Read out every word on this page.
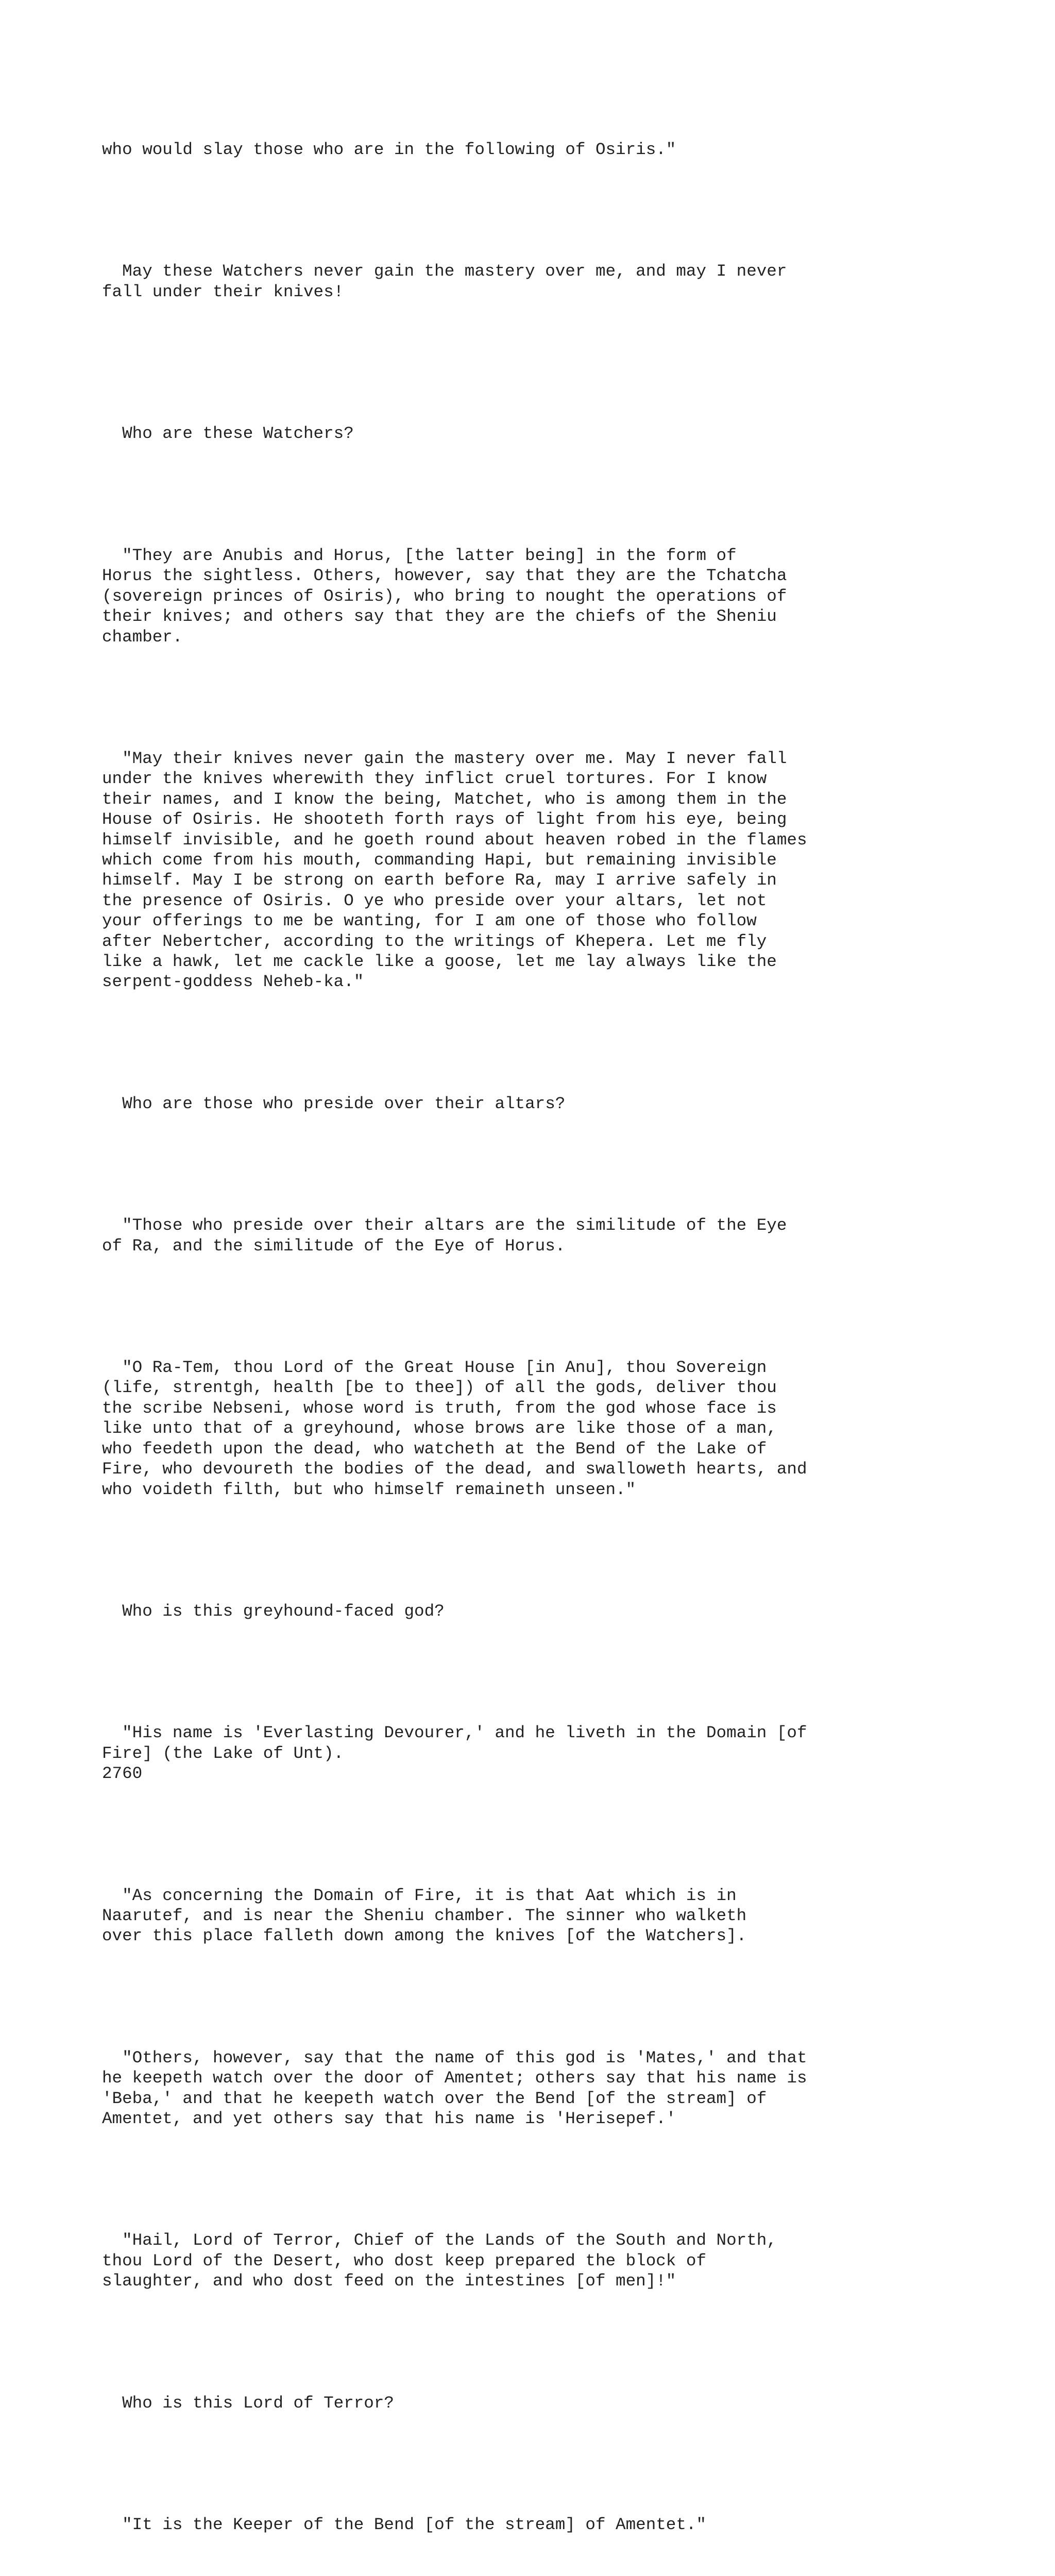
who would slay those who are in the following of Osiris."

May these Watchers never gain the mastery over me, and may I never
fall under their knives!

Who are these Watchers?

"They are Anubis and Horus, [the latter being] in the form of
Horus the sightless. Others, however, say that they are the Tchatcha
(sovereign princes of Osiris), who bring to nought the operations of
their knives; and others say that they are the chiefs of the Sheniu
chamber.

"May their knives never gain the mastery over me. May I never fall
under the knives wherewith they inflict cruel tortures. For I know
their names, and I know the being, Matchet, who is among them in the
House of Osiris. He shooteth forth rays of light from his eye, being
himself invisible, and he goeth round about heaven robed in the flames
which come from his mouth, commanding Hapi, but remaining invisible
himself. May I be strong on earth before Ra, may I arrive safely in
the presence of Osiris. O ye who preside over your altars, let not
your offerings to me be wanting, for I am one of those who follow
after Nebertcher, according to the writings of Khepera. Let me fly
like a hawk, let me cackle like a goose, let me lay always like the
serpent-goddess Neheb-ka."

Who are those who preside over their altars?

"Those who preside over their altars are the similitude of the Eye
of Ra, and the similitude of the Eye of Horus.

"O Ra-Tem, thou Lord of the Great House [in Anu], thou Sovereign
(life, strentgh, health [be to thee]) of all the gods, deliver thou
the scribe Nebseni, whose word is truth, from the god whose face is
like unto that of a greyhound, whose brows are like those of a man,
who feedeth upon the dead, who watcheth at the Bend of the Lake of
Fire, who devoureth the bodies of the dead, and swalloweth hearts, and
who voideth filth, but who himself remaineth unseen."

Who is this greyhound-faced god?

"His name is 'Everlasting Devourer,' and he liveth in the Domain [of
Fire] (the Lake of Unt).
2760

"As concerning the Domain of Fire, it is that Aat which is in
Naarutef, and is near the Sheniu chamber. The sinner who walketh
over this place falleth down among the knives [of the Watchers].

"Others, however, say that the name of this god is 'Mates,' and that
he keepeth watch over the door of Amentet; others say that his name is
'Beba,' and that he keepeth watch over the Bend [of the stream] of
Amentet, and yet others say that his name is 'Herisepef.'

"Hail, Lord of Terror, Chief of the Lands of the South and North,
thou Lord of the Desert, who dost keep prepared the block of
slaughter, and who dost feed on the intestines [of men]!"

Who is this Lord of Terror?

"It is the Keeper of the Bend [of the stream] of Amentet."
